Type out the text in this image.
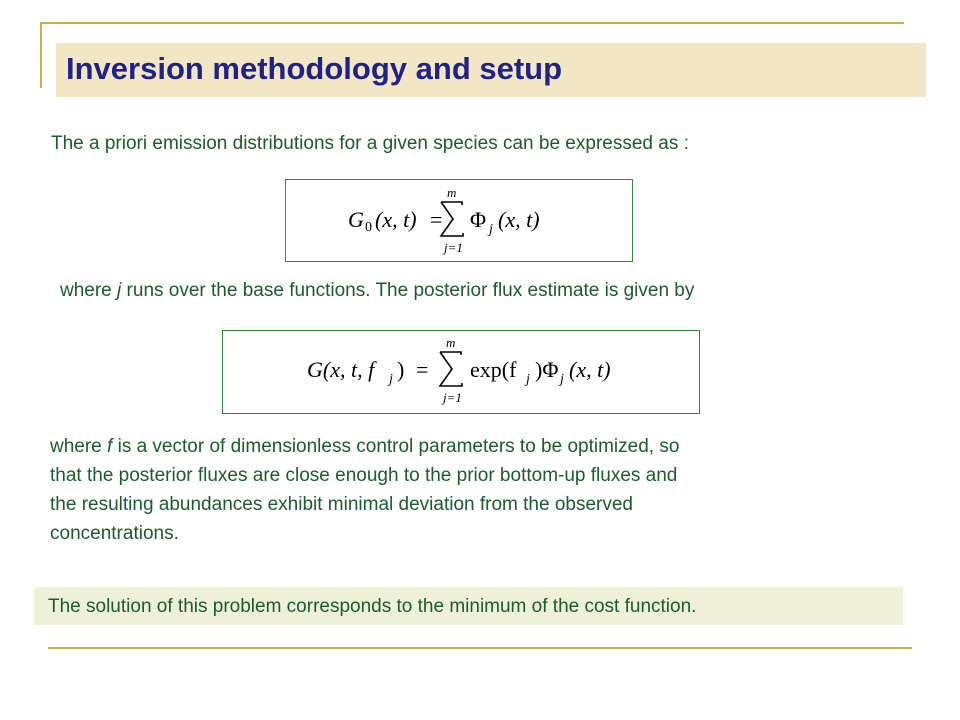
Inversion methodology and setup
The a priori emission distributions for a given species can be expressed as :
G 0 (x, t) =
m
j=1
Φ j (x, t)
where j runs over the base functions. The posterior flux estimate is given by
G(x, t, f j ) =
m
j=1
exp(f j )Φ j (x, t)
where f is a vector of dimensionless control parameters to be optimized, so
that the posterior fluxes are close enough to the prior bottom-up fluxes and
the resulting abundances exhibit minimal deviation from the observed
concentrations.
The solution of this problem corresponds to the minimum of the cost function.
